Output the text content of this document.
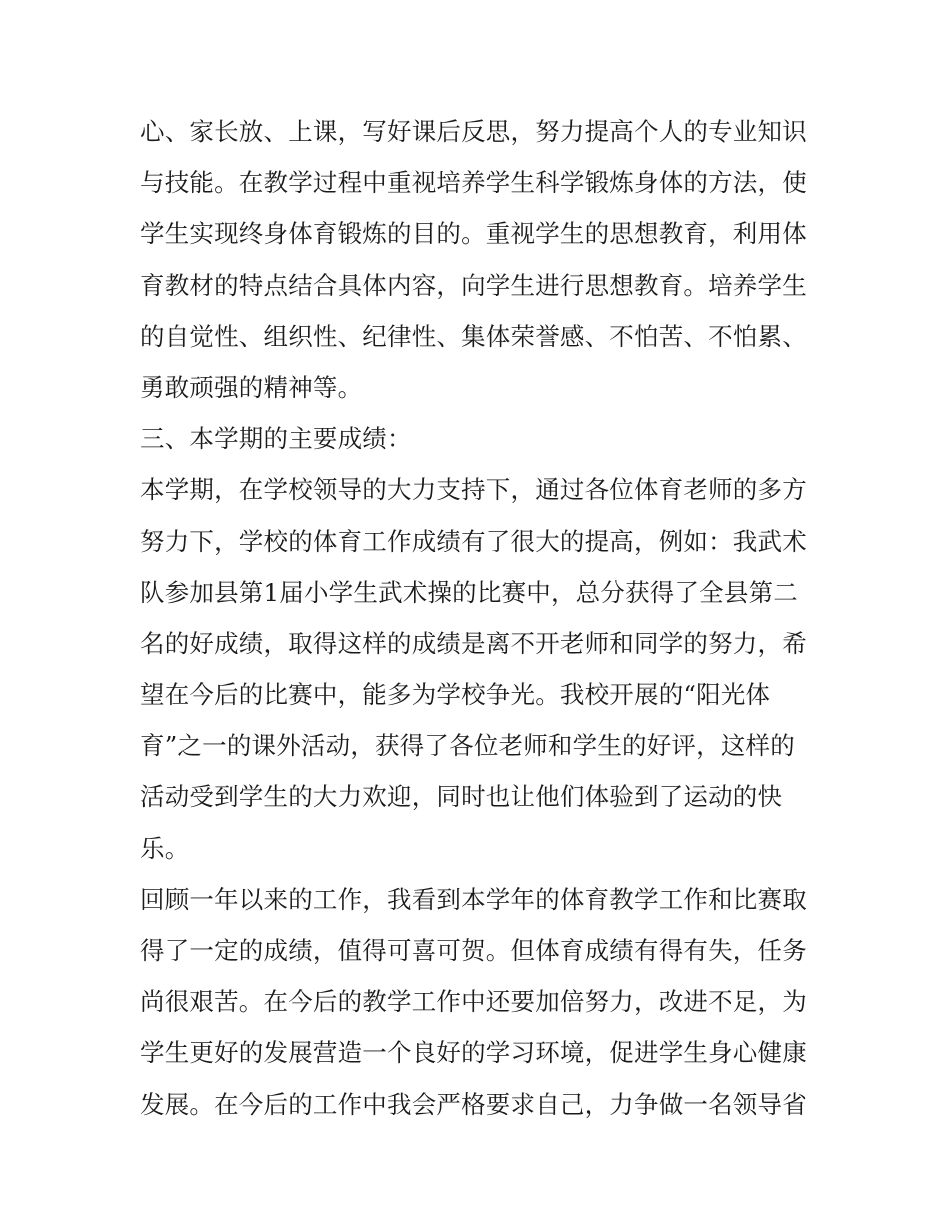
心、家长放、上课，写好课后反思，努力提高个人的专业知识
与技能。在教学过程中重视培养学生科学锻炼身体的方法，使
学生实现终身体育锻炼的目的。重视学生的思想教育，利用体
育教材的特点结合具体内容，向学生进行思想教育。培养学生
的自觉性、组织性、纪律性、集体荣誉感、不怕苦、不怕累、
勇敢顽强的精神等。
三、本学期的主要成绩：
本学期，在学校领导的大力支持下，通过各位体育老师的多方
努力下，学校的体育工作成绩有了很大的提高，例如：我武术
队参加县第1届小学生武术操的比赛中，总分获得了全县第二
名的好成绩，取得这样的成绩是离不开老师和同学的努力，希
望在今后的比赛中，能多为学校争光。我校开展的“阳光体
育”之一的课外活动，获得了各位老师和学生的好评，这样的
活动受到学生的大力欢迎，同时也让他们体验到了运动的快
乐。
回顾一年以来的工作，我看到本学年的体育教学工作和比赛取
得了一定的成绩，值得可喜可贺。但体育成绩有得有失，任务
尚很艰苦。在今后的教学工作中还要加倍努力，改进不足，为
学生更好的发展营造一个良好的学习环境，促进学生身心健康
发展。在今后的工作中我会严格要求自己，力争做一名领导省
